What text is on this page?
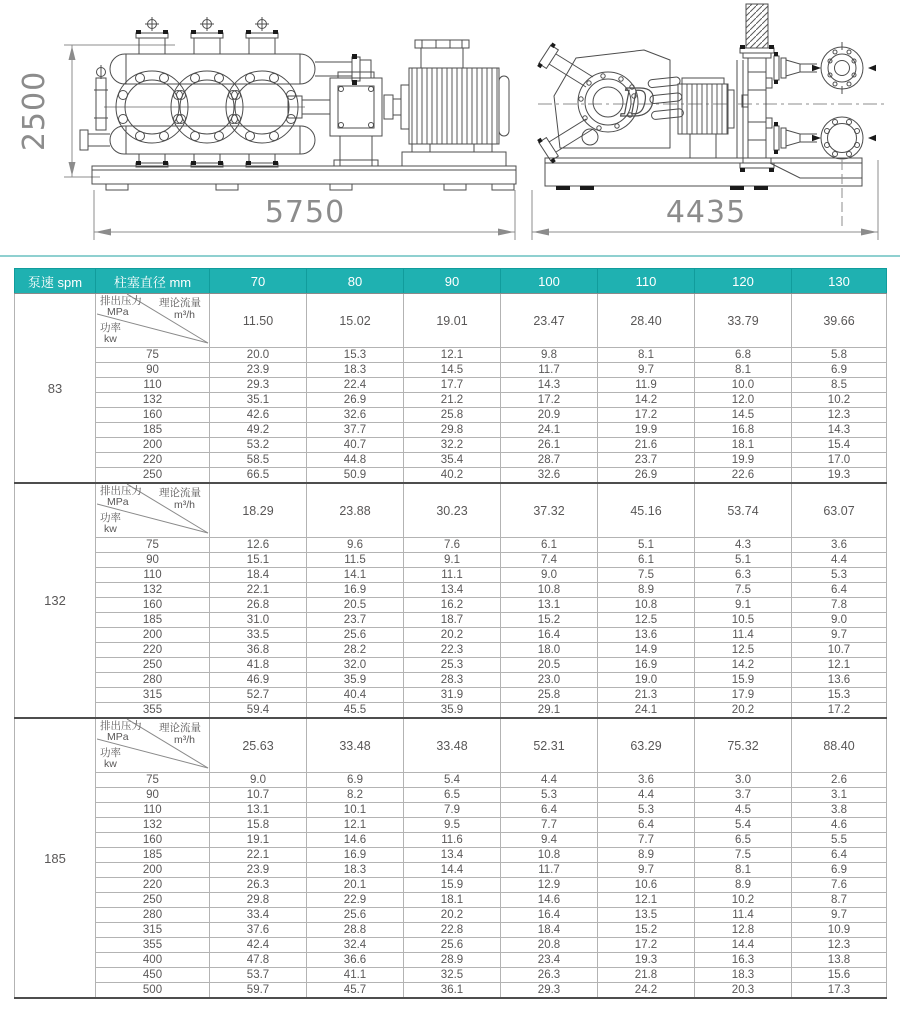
2500
5750
D
4435
泵速 spm	柱塞直径 mm	70	80	90	100	110	120	130
83	
排出压力
MPa
理论流量
m³/h
功率
kw
	11.50	15.02	19.01	23.47	28.40	33.79	39.66
	75	20.0	15.3	12.1	9.8	8.1	6.8	5.8
	90	23.9	18.3	14.5	11.7	9.7	8.1	6.9
	110	29.3	22.4	17.7	14.3	11.9	10.0	8.5
	132	35.1	26.9	21.2	17.2	14.2	12.0	10.2
	160	42.6	32.6	25.8	20.9	17.2	14.5	12.3
	185	49.2	37.7	29.8	24.1	19.9	16.8	14.3
	200	53.2	40.7	32.2	26.1	21.6	18.1	15.4
	220	58.5	44.8	35.4	28.7	23.7	19.9	17.0
	250	66.5	50.9	40.2	32.6	26.9	22.6	19.3
132	
排出压力
MPa
理论流量
m³/h
功率
kw
	18.29	23.88	30.23	37.32	45.16	53.74	63.07
	75	12.6	9.6	7.6	6.1	5.1	4.3	3.6
	90	15.1	11.5	9.1	7.4	6.1	5.1	4.4
	110	18.4	14.1	11.1	9.0	7.5	6.3	5.3
	132	22.1	16.9	13.4	10.8	8.9	7.5	6.4
	160	26.8	20.5	16.2	13.1	10.8	9.1	7.8
	185	31.0	23.7	18.7	15.2	12.5	10.5	9.0
	200	33.5	25.6	20.2	16.4	13.6	11.4	9.7
	220	36.8	28.2	22.3	18.0	14.9	12.5	10.7
	250	41.8	32.0	25.3	20.5	16.9	14.2	12.1
	280	46.9	35.9	28.3	23.0	19.0	15.9	13.6
	315	52.7	40.4	31.9	25.8	21.3	17.9	15.3
	355	59.4	45.5	35.9	29.1	24.1	20.2	17.2
185	
排出压力
MPa
理论流量
m³/h
功率
kw
	25.63	33.48	33.48	52.31	63.29	75.32	88.40
	75	9.0	6.9	5.4	4.4	3.6	3.0	2.6
	90	10.7	8.2	6.5	5.3	4.4	3.7	3.1
	110	13.1	10.1	7.9	6.4	5.3	4.5	3.8
	132	15.8	12.1	9.5	7.7	6.4	5.4	4.6
	160	19.1	14.6	11.6	9.4	7.7	6.5	5.5
	185	22.1	16.9	13.4	10.8	8.9	7.5	6.4
	200	23.9	18.3	14.4	11.7	9.7	8.1	6.9
	220	26.3	20.1	15.9	12.9	10.6	8.9	7.6
	250	29.8	22.9	18.1	14.6	12.1	10.2	8.7
	280	33.4	25.6	20.2	16.4	13.5	11.4	9.7
	315	37.6	28.8	22.8	18.4	15.2	12.8	10.9
	355	42.4	32.4	25.6	20.8	17.2	14.4	12.3
	400	47.8	36.6	28.9	23.4	19.3	16.3	13.8
	450	53.7	41.1	32.5	26.3	21.8	18.3	15.6
	500	59.7	45.7	36.1	29.3	24.2	20.3	17.3
